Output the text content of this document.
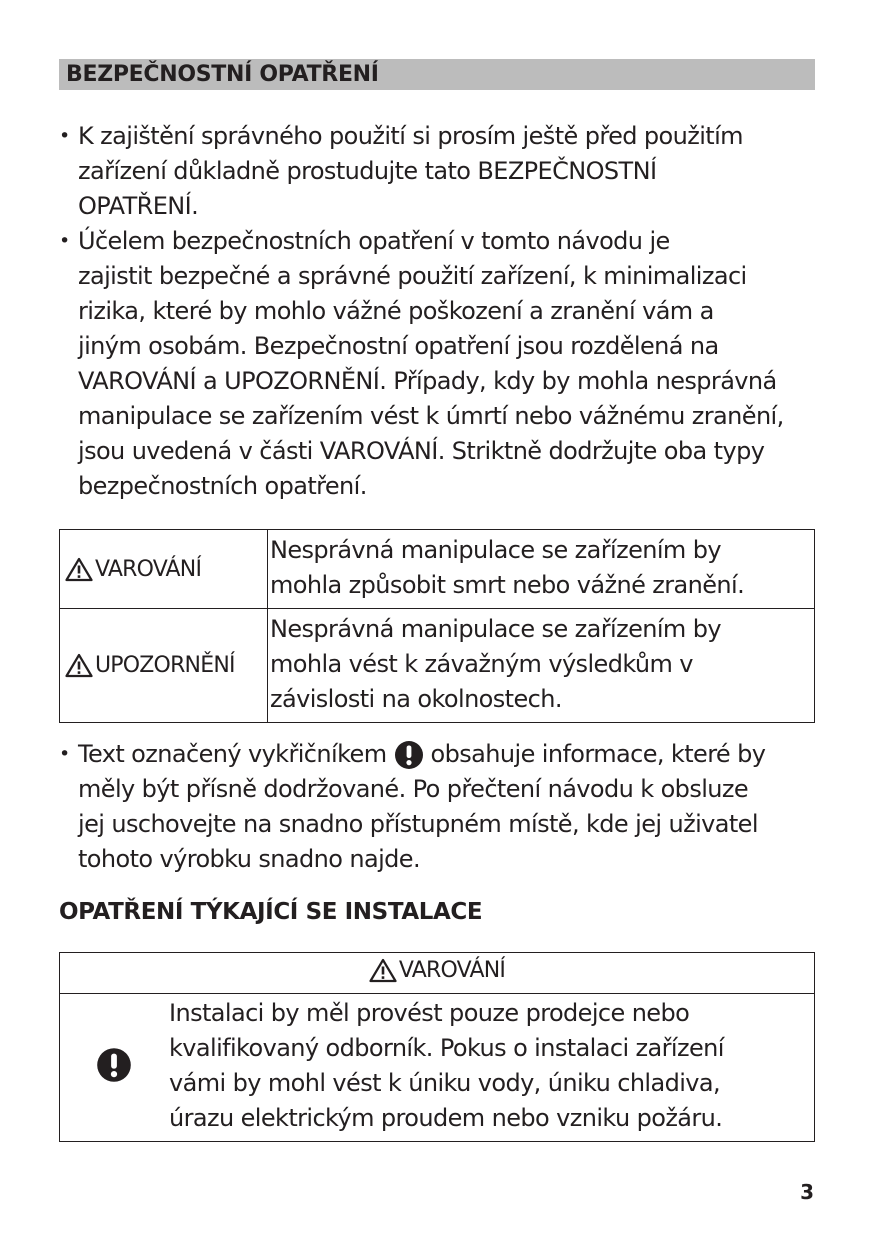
BEZPEČNOSTNÍ OPATŘENÍ
• K zajištění správného použití si prosím ještě před použitím
zařízení důkladně prostudujte tato BEZPEČNOSTNÍ
OPATŘENÍ.
• Účelem bezpečnostních opatření v tomto návodu je
zajistit bezpečné a správné použití zařízení, k minimalizaci
rizika, které by mohlo vážné poškození a zranění vám a
jiným osobám. Bezpečnostní opatření jsou rozdělená na
VAROVÁNÍ a UPOZORNĚNÍ. Případy, kdy by mohla nesprávná
manipulace se zařízením vést k úmrtí nebo vážnému zranění,
jsou uvedená v části VAROVÁNÍ. Striktně dodržujte oba typy
bezpečnostních opatření.
VAROVÁNÍ	Nesprávná manipulace se zařízením by
mohla způsobit smrt nebo vážné zranění.

UPOZORNĚNÍ	Nesprávná manipulace se zařízením by
mohla vést k závažným výsledkům v
závislosti na okolnostech.
• Text označený vykřičníkem obsahuje informace, které by
měly být přísně dodržované. Po přečtení návodu k obsluze
jej uschovejte na snadno přístupném místě, kde jej uživatel
tohoto výrobku snadno najde.
OPATŘENÍ TÝKAJÍCÍ SE INSTALACE
VAROVÁNÍ

Instalaci by měl provést pouze prodejce nebo
kvalifikovaný odborník. Pokus o instalaci zařízení
vámi by mohl vést k úniku vody, úniku chladiva,
úrazu elektrickým proudem nebo vzniku požáru.
3
